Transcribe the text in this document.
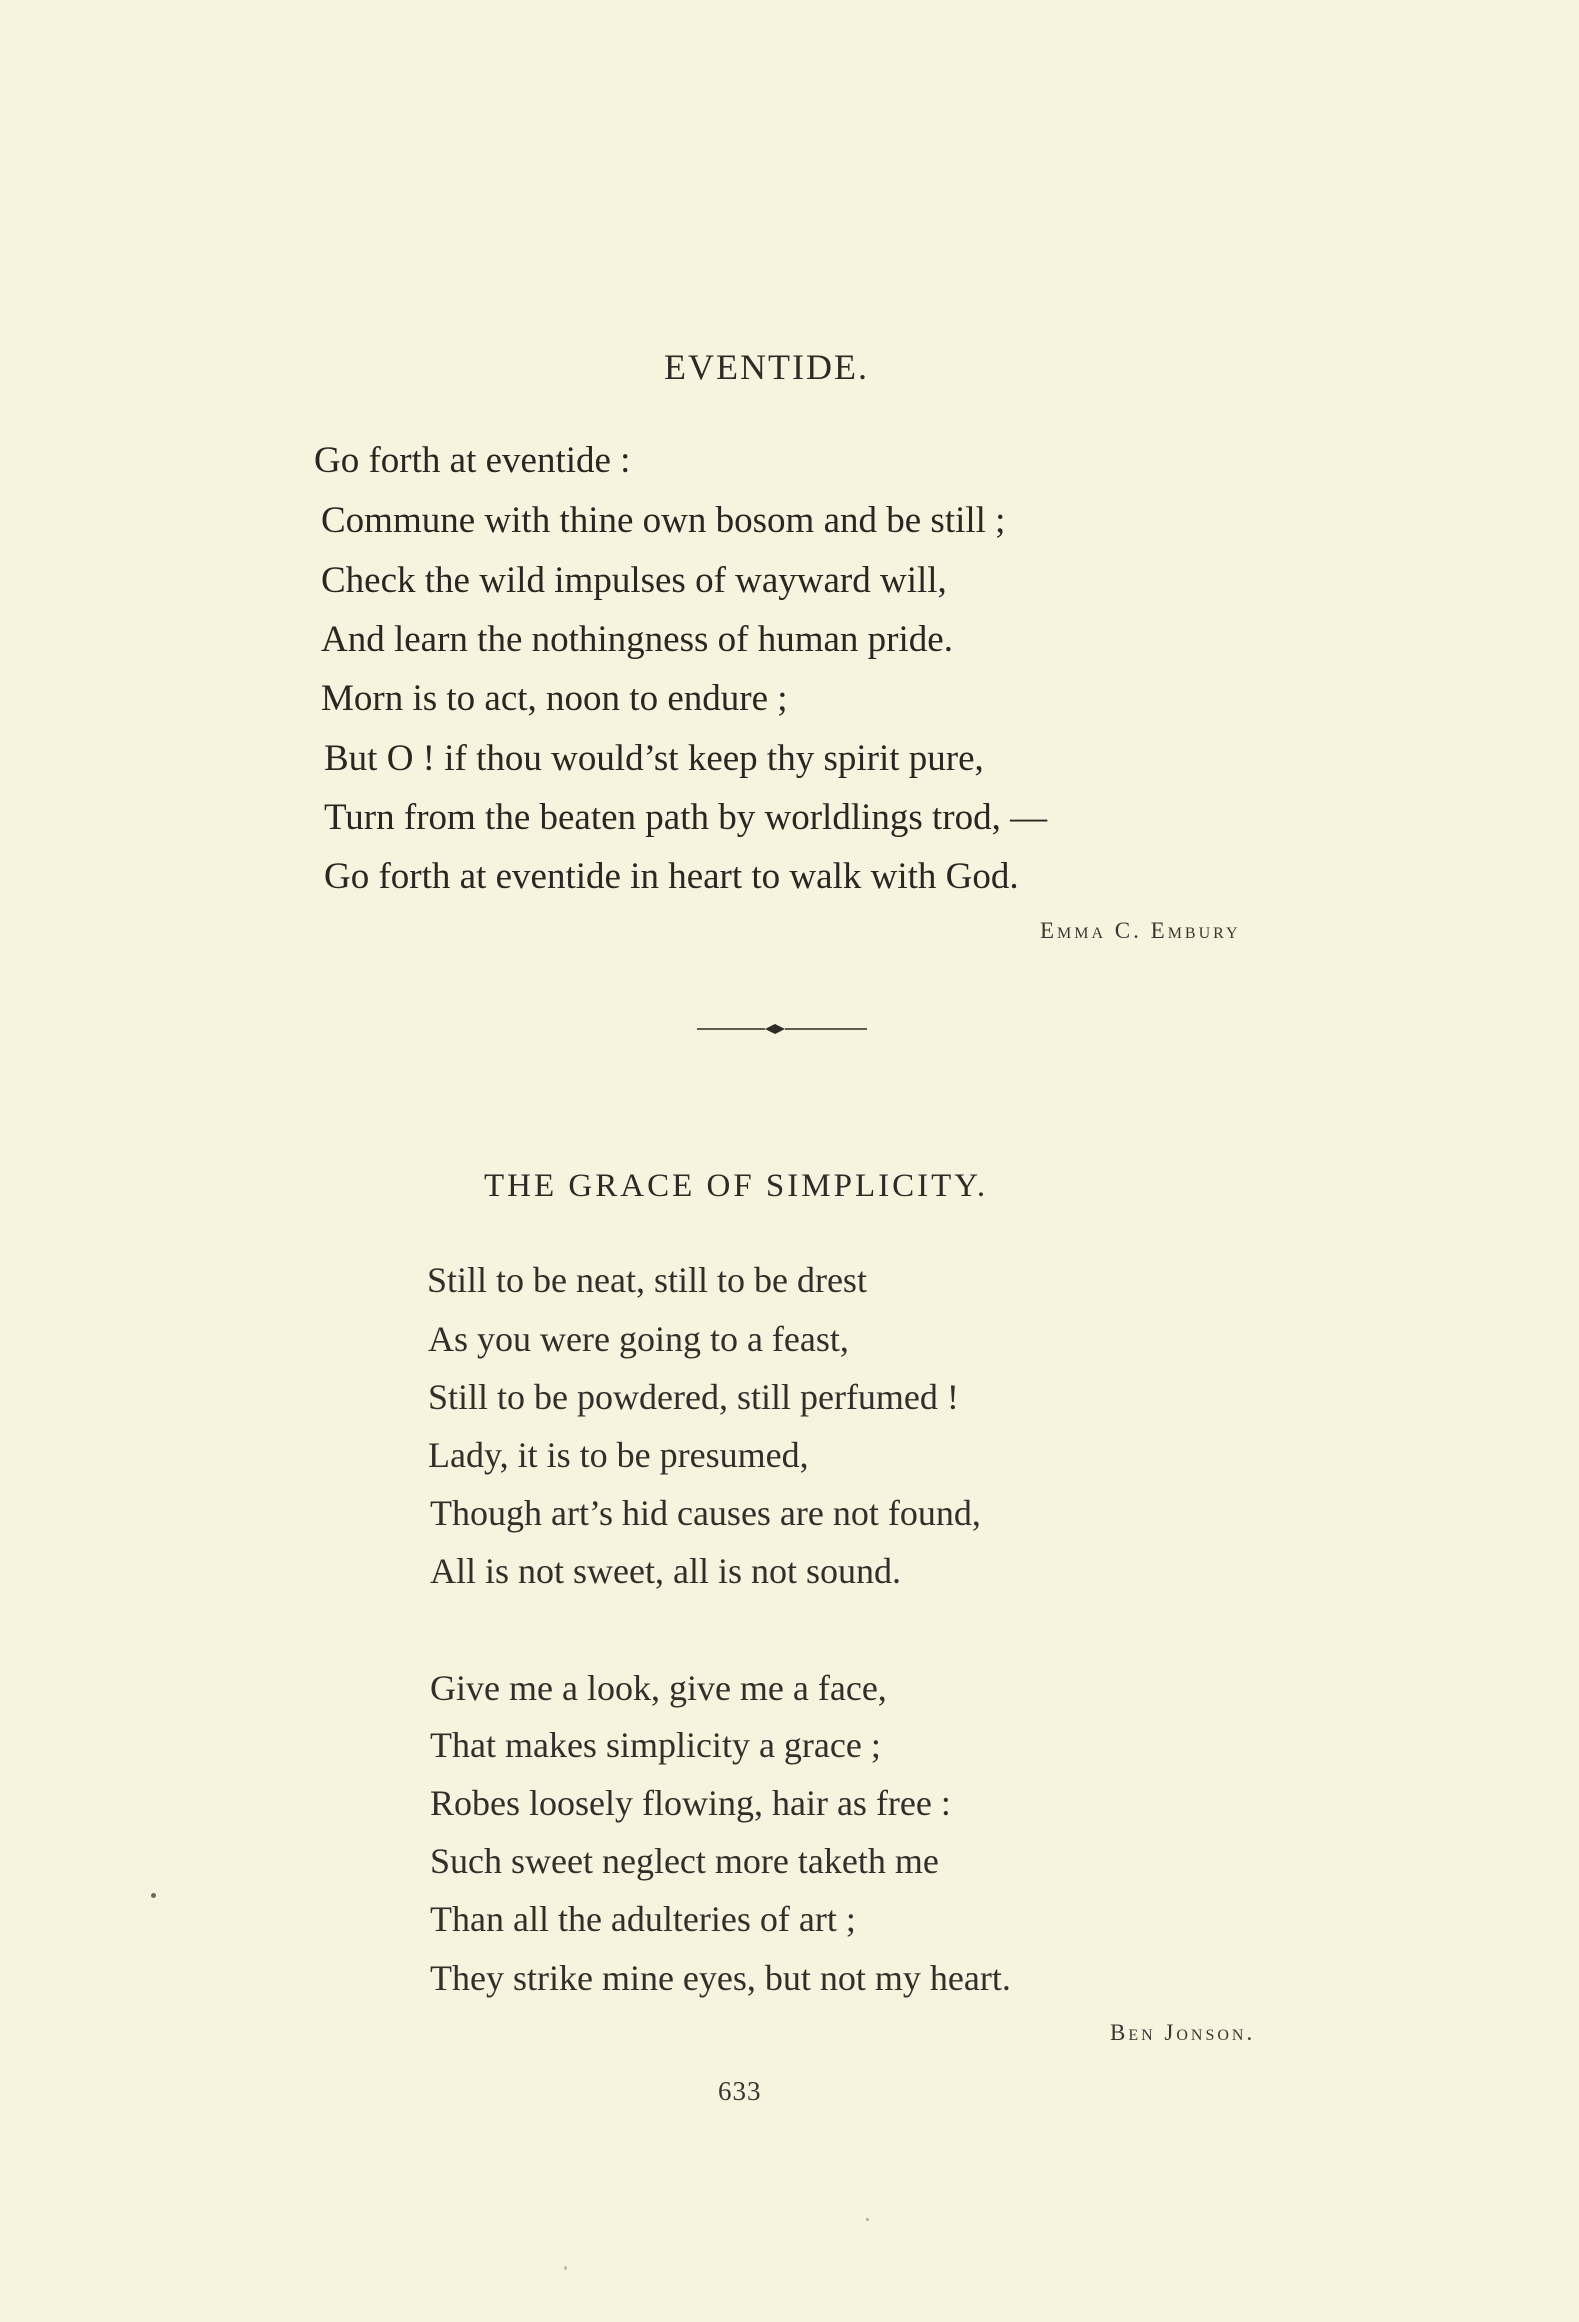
EVENTIDE.
Go forth at eventide :
Commune with thine own bosom and be still ;
Check the wild impulses of wayward will,
And learn the nothingness of human pride.
Morn is to act, noon to endure ;
But O ! if thou would’st keep thy spirit pure,
Turn from the beaten path by worldlings trod, —
Go forth at eventide in heart to walk with God.
Emma C. Embury
THE GRACE OF SIMPLICITY.
Still to be neat, still to be drest
As you were going to a feast,
Still to be powdered, still perfumed !
Lady, it is to be presumed,
Though art’s hid causes are not found,
All is not sweet, all is not sound.
Give me a look, give me a face,
That makes simplicity a grace ;
Robes loosely flowing, hair as free :
Such sweet neglect more taketh me
Than all the adulteries of art ;
They strike mine eyes, but not my heart.
Ben Jonson.
633
